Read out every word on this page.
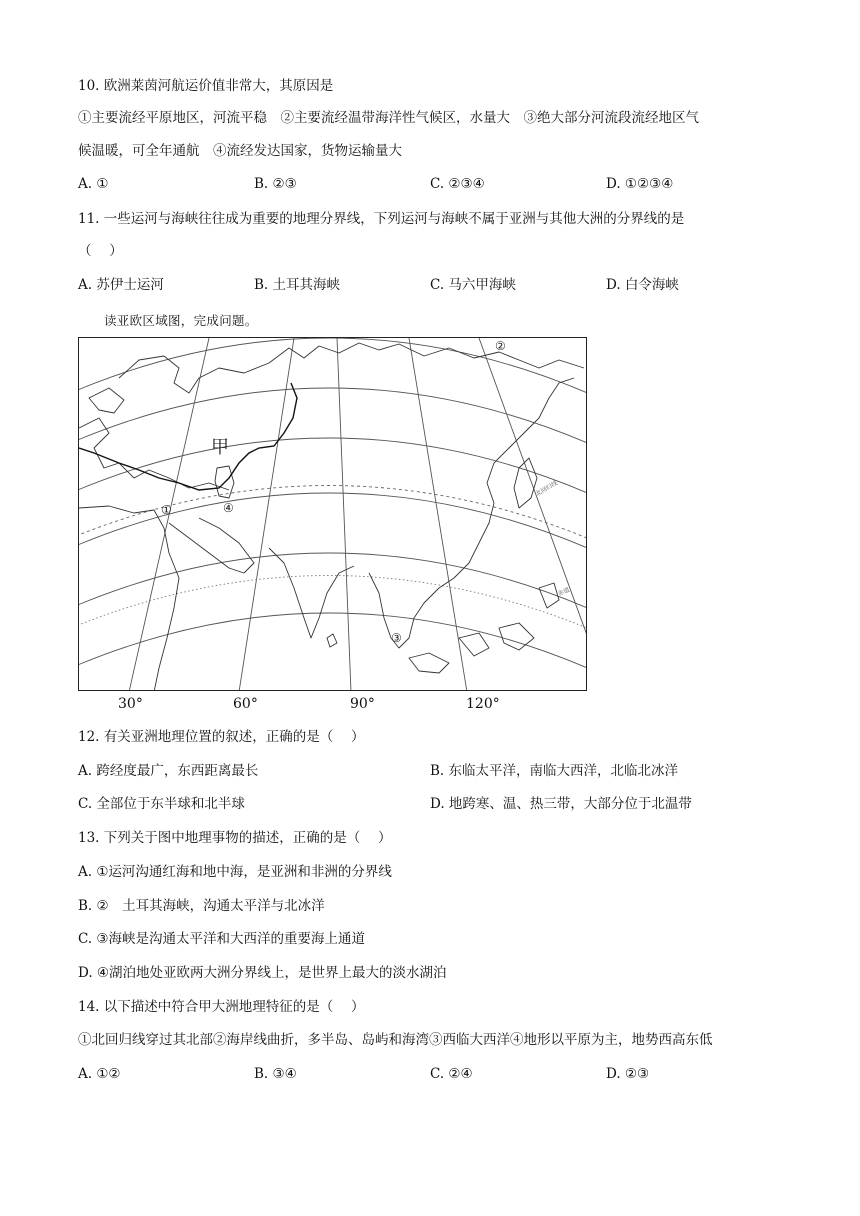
10. 欧洲莱茵河航运价值非常大，其原因是
①主要流经平原地区，河流平稳　②主要流经温带海洋性气候区，水量大　③绝大部分河流段流经地区气
候温暖，可全年通航　④流经发达国家，货物运输量大
A. ①	B. ②③	C. ②③④	D. ①②③④
11. 一些运河与海峡往往成为重要的地理分界线，下列运河与海峡不属于亚洲与其他大洲的分界线的是
（　 ）
A. 苏伊士运河	B. 土耳其海峡	C. 马六甲海峡	D. 白令海峡
读亚欧区域图，完成问题。
甲
①
②
③
④
北回归线
赤道
30°	60°	90°	120°
12. 有关亚洲地理位置的叙述，正确的是（　 ）
A. 跨经度最广，东西距离最长	B. 东临太平洋，南临大西洋，北临北冰洋
C. 全部位于东半球和北半球	D. 地跨寒、温、热三带，大部分位于北温带
13. 下列关于图中地理事物的描述，正确的是（　 ）
A. ①运河沟通红海和地中海，是亚洲和非洲的分界线
B. ②　土耳其海峡，沟通太平洋与北冰洋
C. ③海峡是沟通太平洋和大西洋的重要海上通道
D. ④湖泊地处亚欧两大洲分界线上，是世界上最大的淡水湖泊
14. 以下描述中符合甲大洲地理特征的是（　 ）
①北回归线穿过其北部②海岸线曲折，多半岛、岛屿和海湾③西临大西洋④地形以平原为主，地势西高东低
A. ①②	B. ③④	C. ②④	D. ②③
